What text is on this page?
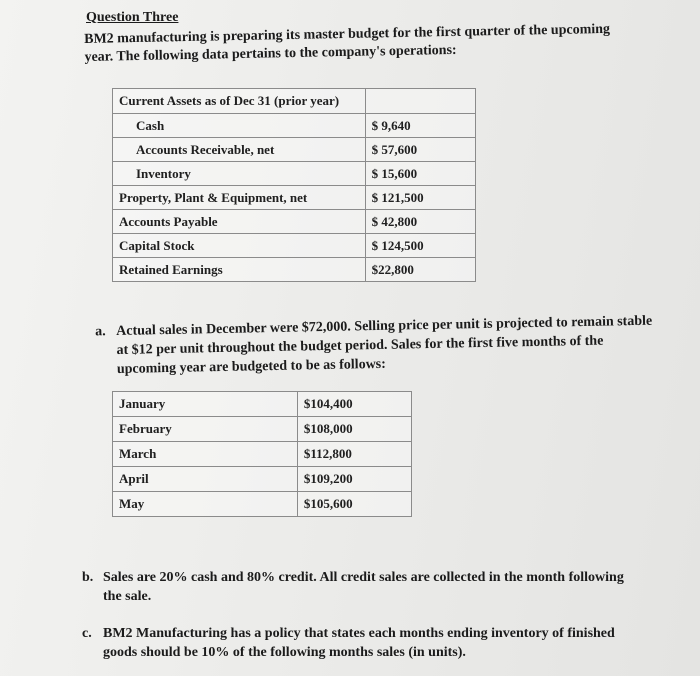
Question Three
BM2 manufacturing is preparing its master budget for the first quarter of the upcoming year. The following data pertains to the company's operations:
Current Assets as of Dec 31 (prior year)	
Cash	$ 9,640
Accounts Receivable, net	$ 57,600
Inventory	$ 15,600
Property, Plant & Equipment, net	$ 121,500
Accounts Payable	$ 42,800
Capital Stock	$ 124,500
Retained Earnings	$22,800
a. Actual sales in December were $72,000. Selling price per unit is projected to remain stable at $12 per unit throughout the budget period. Sales for the first five months of the upcoming year are budgeted to be as follows:
January	$104,400
February	$108,000
March	$112,800
April	$109,200
May	$105,600
b. Sales are 20% cash and 80% credit. All credit sales are collected in the month following the sale.
c. BM2 Manufacturing has a policy that states each months ending inventory of finished goods should be 10% of the following months sales (in units).
